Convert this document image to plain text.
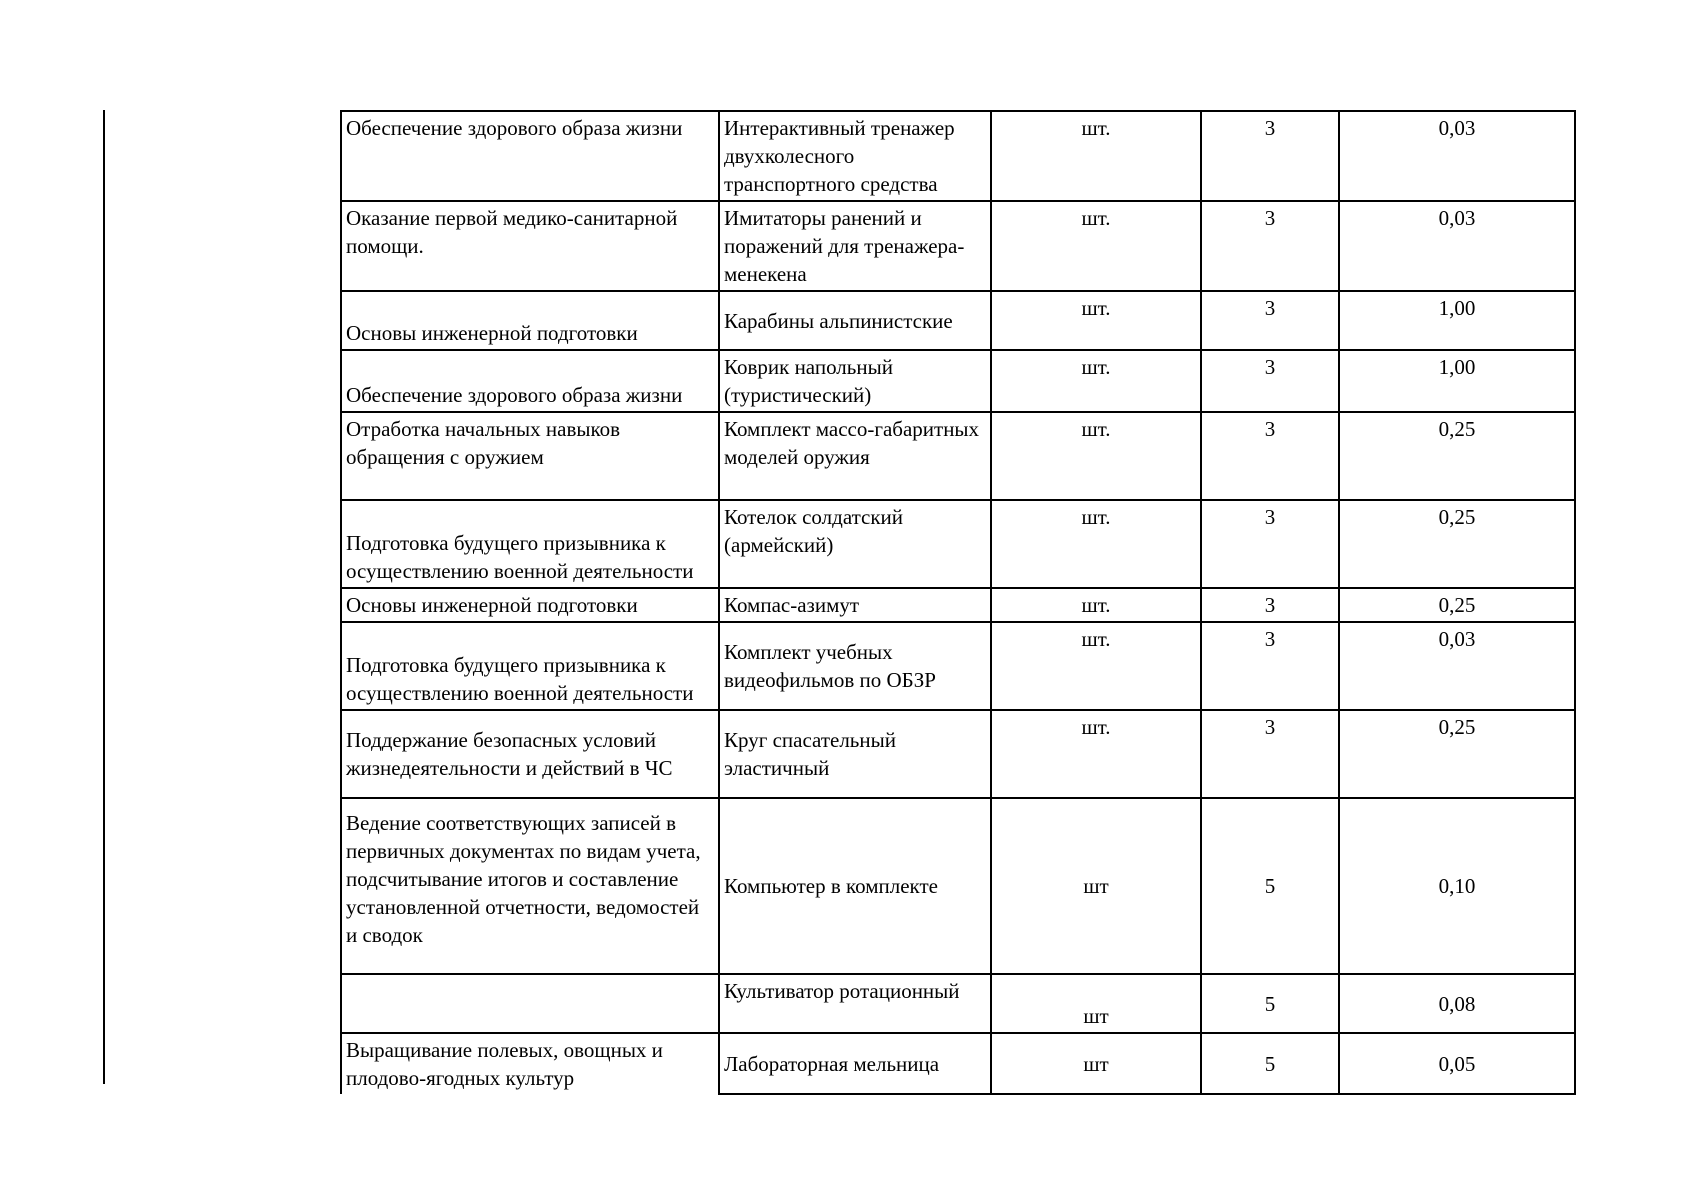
Обеспечение здорового образа жизни	Интерактивный тренажер двухколесного транспортного средства	шт.	3	0,03
Оказание первой медико-санитарной помощи.	Имитаторы ранений и поражений для тренажера-менекена	шт.	3	0,03
Основы инженерной подготовки	Карабины альпинистские	шт.	3	1,00
Обеспечение здорового образа жизни	Коврик напольный (туристический)	шт.	3	1,00
Отработка начальных навыков обращения с оружием	Комплект массо-габаритных моделей оружия	шт.	3	0,25
Подготовка будущего призывника к осуществлению военной деятельности	Котелок солдатский (армейский)	шт.	3	0,25
Основы инженерной подготовки	Компас-азимут	шт.	3	0,25
Подготовка будущего призывника к осуществлению военной деятельности	Комплект учебных видеофильмов по ОБЗР	шт.	3	0,03
Поддержание безопасных условий жизнедеятельности и действий в ЧС	Круг спасательный эластичный	шт.	3	0,25
Ведение соответствующих записей в первичных документах по видам учета, подсчитывание итогов и составление установленной отчетности, ведомостей и сводок	Компьютер в комплекте	шт	5	0,10
	Культиватор ротационный	шт	5	0,08
Выращивание полевых, овощных и плодово-ягодных культур	Лабораторная мельница	шт	5	0,05
